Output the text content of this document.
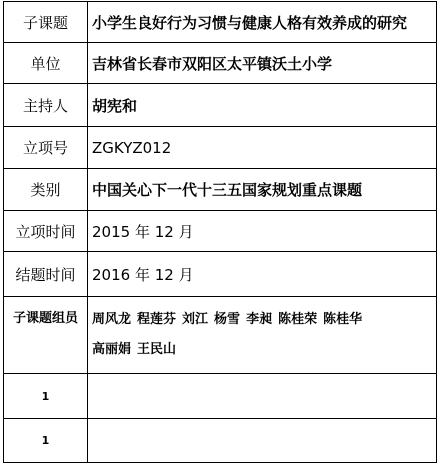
子课题	小学生良好行为习惯与健康人格有效养成的研究
单位	吉林省长春市双阳区太平镇沃土小学
主持人	胡宪和
立项号	ZGKYZ012
类别	中国关心下一代十三五国家规划重点课题
立项时间	2015 年 12 月
结题时间	2016 年 12 月
子课题组员	周风龙 程莲芬 刘江 杨雪 李昶 陈桂荣 陈桂华
高丽娟 王民山
1	
1	
